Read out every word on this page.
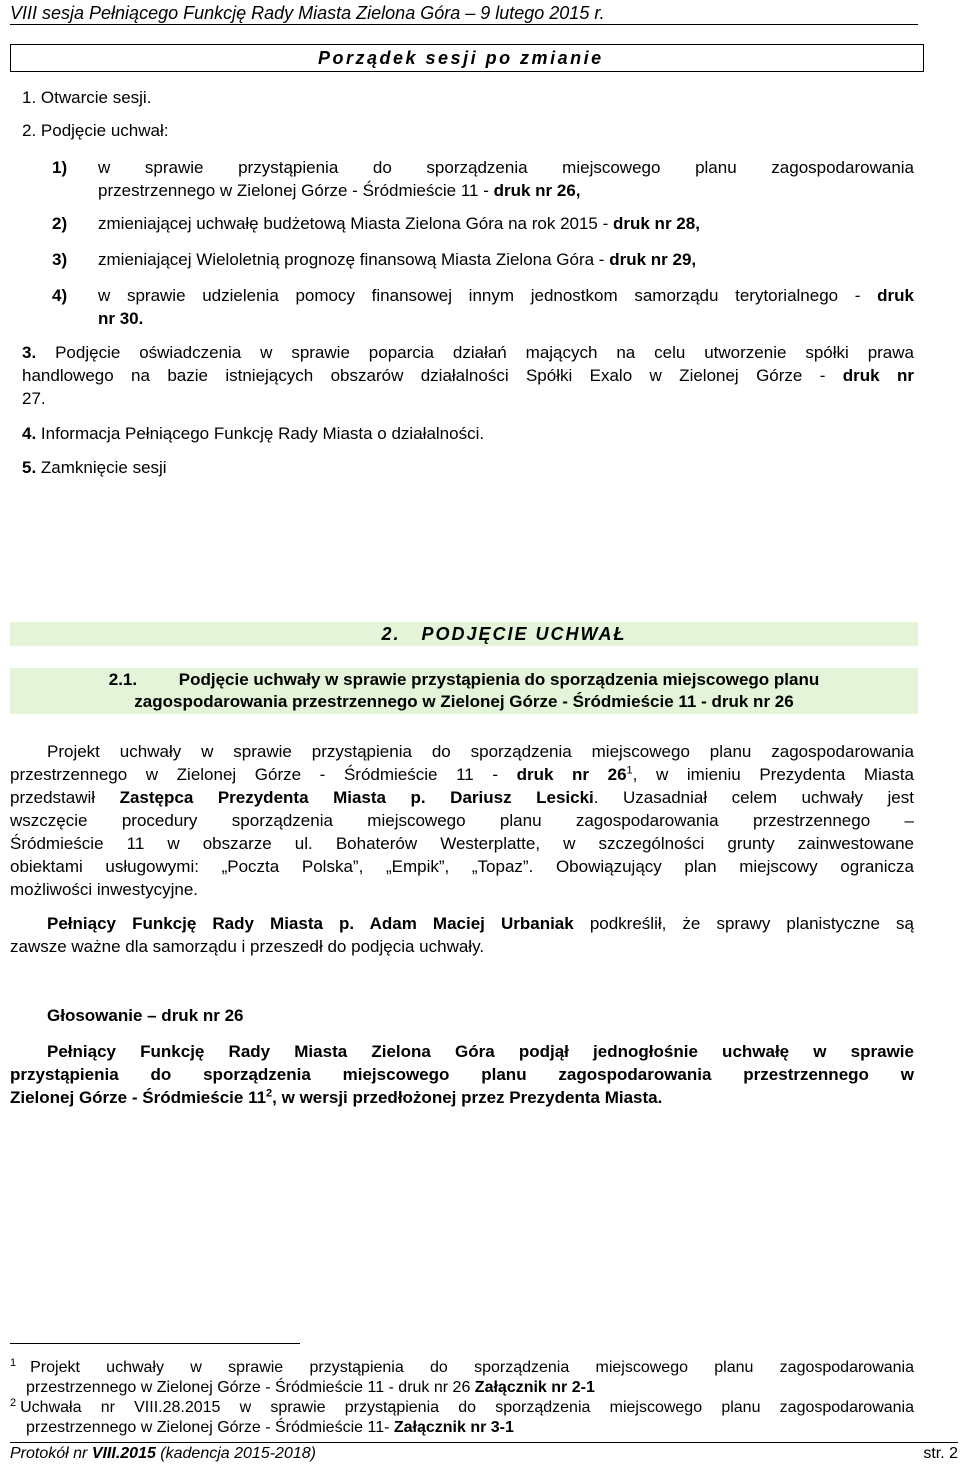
VIII sesja Pełniącego Funkcję Rady Miasta Zielona Góra – 9 lutego 2015 r.
Porządek sesji po zmianie
1. Otwarcie sesji.
2. Podjęcie uchwał:
1) w sprawie przystąpienia do sporządzenia miejscowego planu zagospodarowania
przestrzennego w Zielonej Górze - Śródmieście 11 - druk nr 26,
2) zmieniającej uchwałę budżetową Miasta Zielona Góra na rok 2015 - druk nr 28,
3) zmieniającej Wieloletnią prognozę finansową Miasta Zielona Góra - druk nr 29,
4) w sprawie udzielenia pomocy finansowej innym jednostkom samorządu terytorialnego - druk
nr 30.
3. Podjęcie oświadczenia w sprawie poparcia działań mających na celu utworzenie spółki prawa
handlowego na bazie istniejących obszarów działalności Spółki Exalo w Zielonej Górze - druk nr
27.
4. Informacja Pełniącego Funkcję Rady Miasta o działalności.
5. Zamknięcie sesji
2.   PODJĘCIE UCHWAŁ
2.1. Podjęcie uchwały w sprawie przystąpienia do sporządzenia miejscowego planu
zagospodarowania przestrzennego w Zielonej Górze - Śródmieście 11 - druk nr 26
Projekt uchwały w sprawie przystąpienia do sporządzenia miejscowego planu zagospodarowania
przestrzennego w Zielonej Górze - Śródmieście 11 - druk nr $26^1$, w imieniu Prezydenta Miasta
przedstawił Zastępca Prezydenta Miasta p. Dariusz Lesicki. Uzasadniał celem uchwały jest
wszczęcie procedury sporządzenia miejscowego planu zagospodarowania przestrzennego –
Śródmieście 11 w obszarze ul. Bohaterów Westerplatte, w szczególności grunty zainwestowane
obiektami usługowymi: „Poczta Polska”, „Empik”, „Topaz”. Obowiązujący plan miejscowy ogranicza
możliwości inwestycyjne.
Pełniący Funkcję Rady Miasta p. Adam Maciej Urbaniak podkreślił, że sprawy planistyczne są
zawsze ważne dla samorządu i przeszedł do podjęcia uchwały.
Głosowanie – druk nr 26
Pełniący Funkcję Rady Miasta Zielona Góra podjął jednogłośnie uchwałę w sprawie
przystąpienia do sporządzenia miejscowego planu zagospodarowania przestrzennego w
Zielonej Górze - Śródmieście $11^2$, w wersji przedłożonej przez Prezydenta Miasta.
$^1$ Projekt uchwały w sprawie przystąpienia do sporządzenia miejscowego planu zagospodarowania
przestrzennego w Zielonej Górze - Śródmieście 11 - druk nr 26 Załącznik nr 2-1
$^2$ Uchwała nr VIII.28.2015 w sprawie przystąpienia do sporządzenia miejscowego planu zagospodarowania
przestrzennego w Zielonej Górze - Śródmieście 11- Załącznik nr 3-1
Protokół nr VIII.2015 (kadencja 2015-2018)	str. 2
